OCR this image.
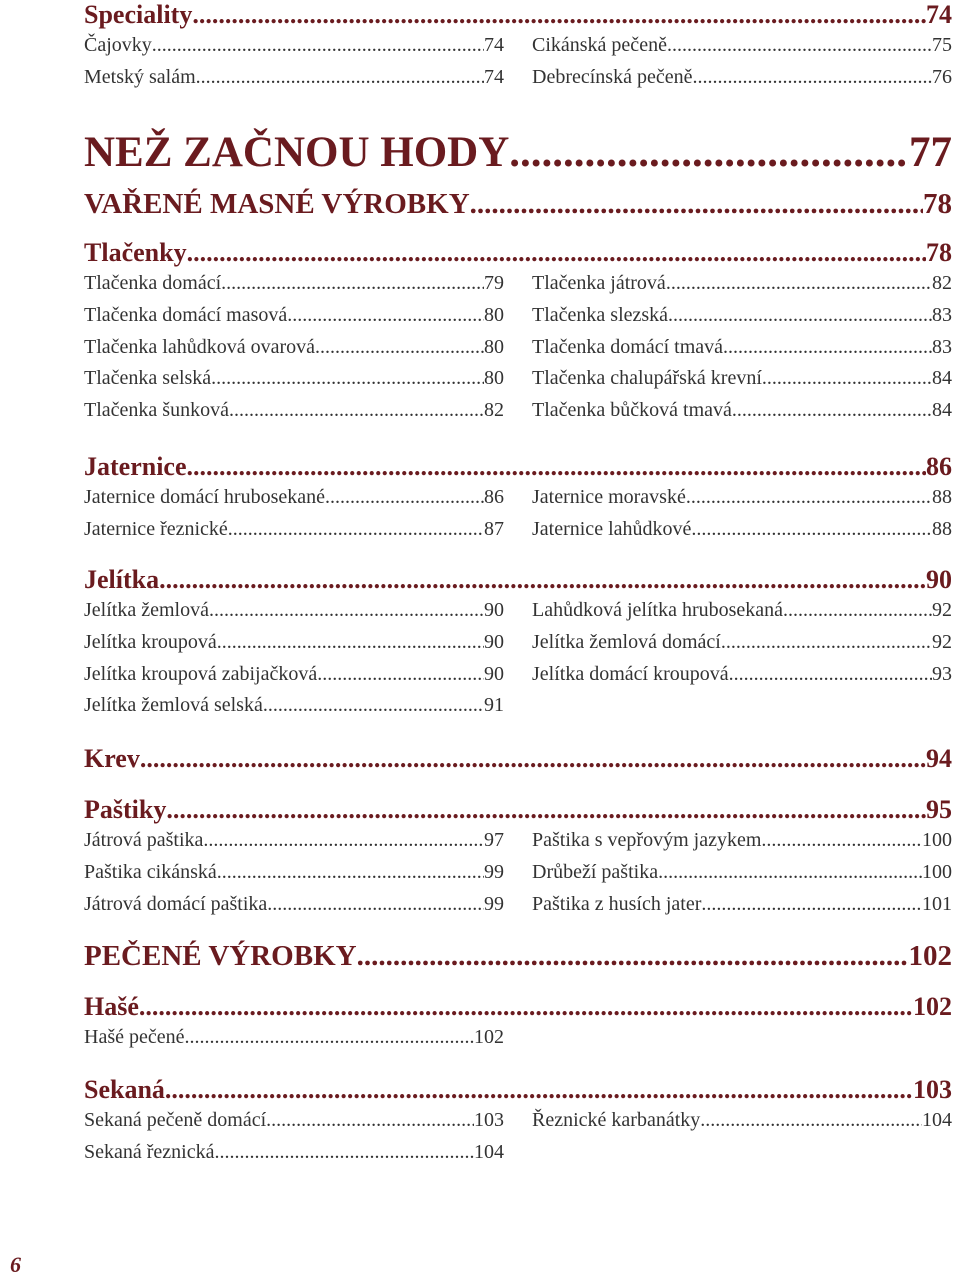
Speciality .....	74
Čajovky .....	74
Metský salám .....	74
Cikánská pečeně .....	75
Debrecínská pečeně .....	76
NEŽ ZAČNOU HODY .....	77
VAŘENÉ MASNÉ VÝROBKY .....	78
Tlačenky .....	78
Tlačenka domácí .....	79
Tlačenka domácí masová .....	80
Tlačenka lahůdková ovarová .....	80
Tlačenka selská .....	80
Tlačenka šunková .....	82
Tlačenka játrová .....	82
Tlačenka slezská .....	83
Tlačenka domácí tmavá .....	83
Tlačenka chalupářská krevní .....	84
Tlačenka bůčková tmavá .....	84
Jaternice .....	86
Jaternice domácí hrubosekané .....	86
Jaternice řeznické .....	87
Jaternice moravské .....	88
Jaternice lahůdkové .....	88
Jelítka .....	90
Jelítka žemlová .....	90
Jelítka kroupová .....	90
Jelítka kroupová zabijačková .....	90
Jelítka žemlová selská .....	91
Lahůdková jelítka hrubosekaná .....	92
Jelítka žemlová domácí .....	92
Jelítka domácí kroupová .....	93
Krev .....	94
Paštiky .....	95
Játrová paštika .....	97
Paštika cikánská .....	99
Játrová domácí paštika .....	99
Paštika s vepřovým jazykem .....	100
Drůbeží paštika .....	100
Paštika z husích jater .....	101
PEČENÉ VÝROBKY .....	102
Hašé .....	102
Hašé pečené .....	102
Sekaná .....	103
Sekaná pečeně domácí .....	103
Sekaná řeznická .....	104
Řeznické karbanátky .....	104
6
